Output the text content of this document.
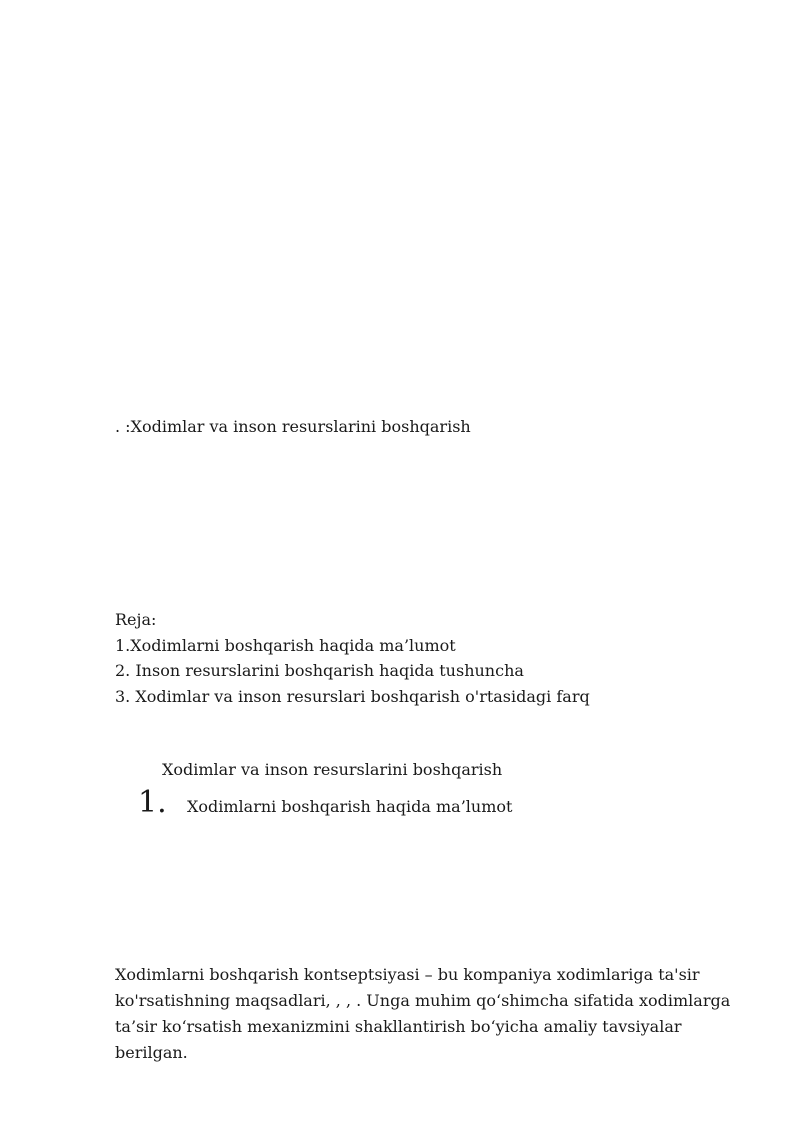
. :Xodimlar va inson resurslarini boshqarish
Reja:
1.Xodimlarni boshqarish haqida ma’lumot
2. Inson resurslarini boshqarish haqida tushuncha
3. Xodimlar va inson resurslari boshqarish o'rtasidagi farq
Xodimlar va inson resurslarini boshqarish
1.	Xodimlarni boshqarish haqida ma’lumot
Xodimlarni boshqarish kontseptsiyasi – bu kompaniya xodimlariga ta'sir ko'rsatishning maqsadlari, , , . Unga muhim qo‘shimcha sifatida xodimlarga ta’sir ko‘rsatish mexanizmini shakllantirish bo‘yicha amaliy tavsiyalar berilgan.
